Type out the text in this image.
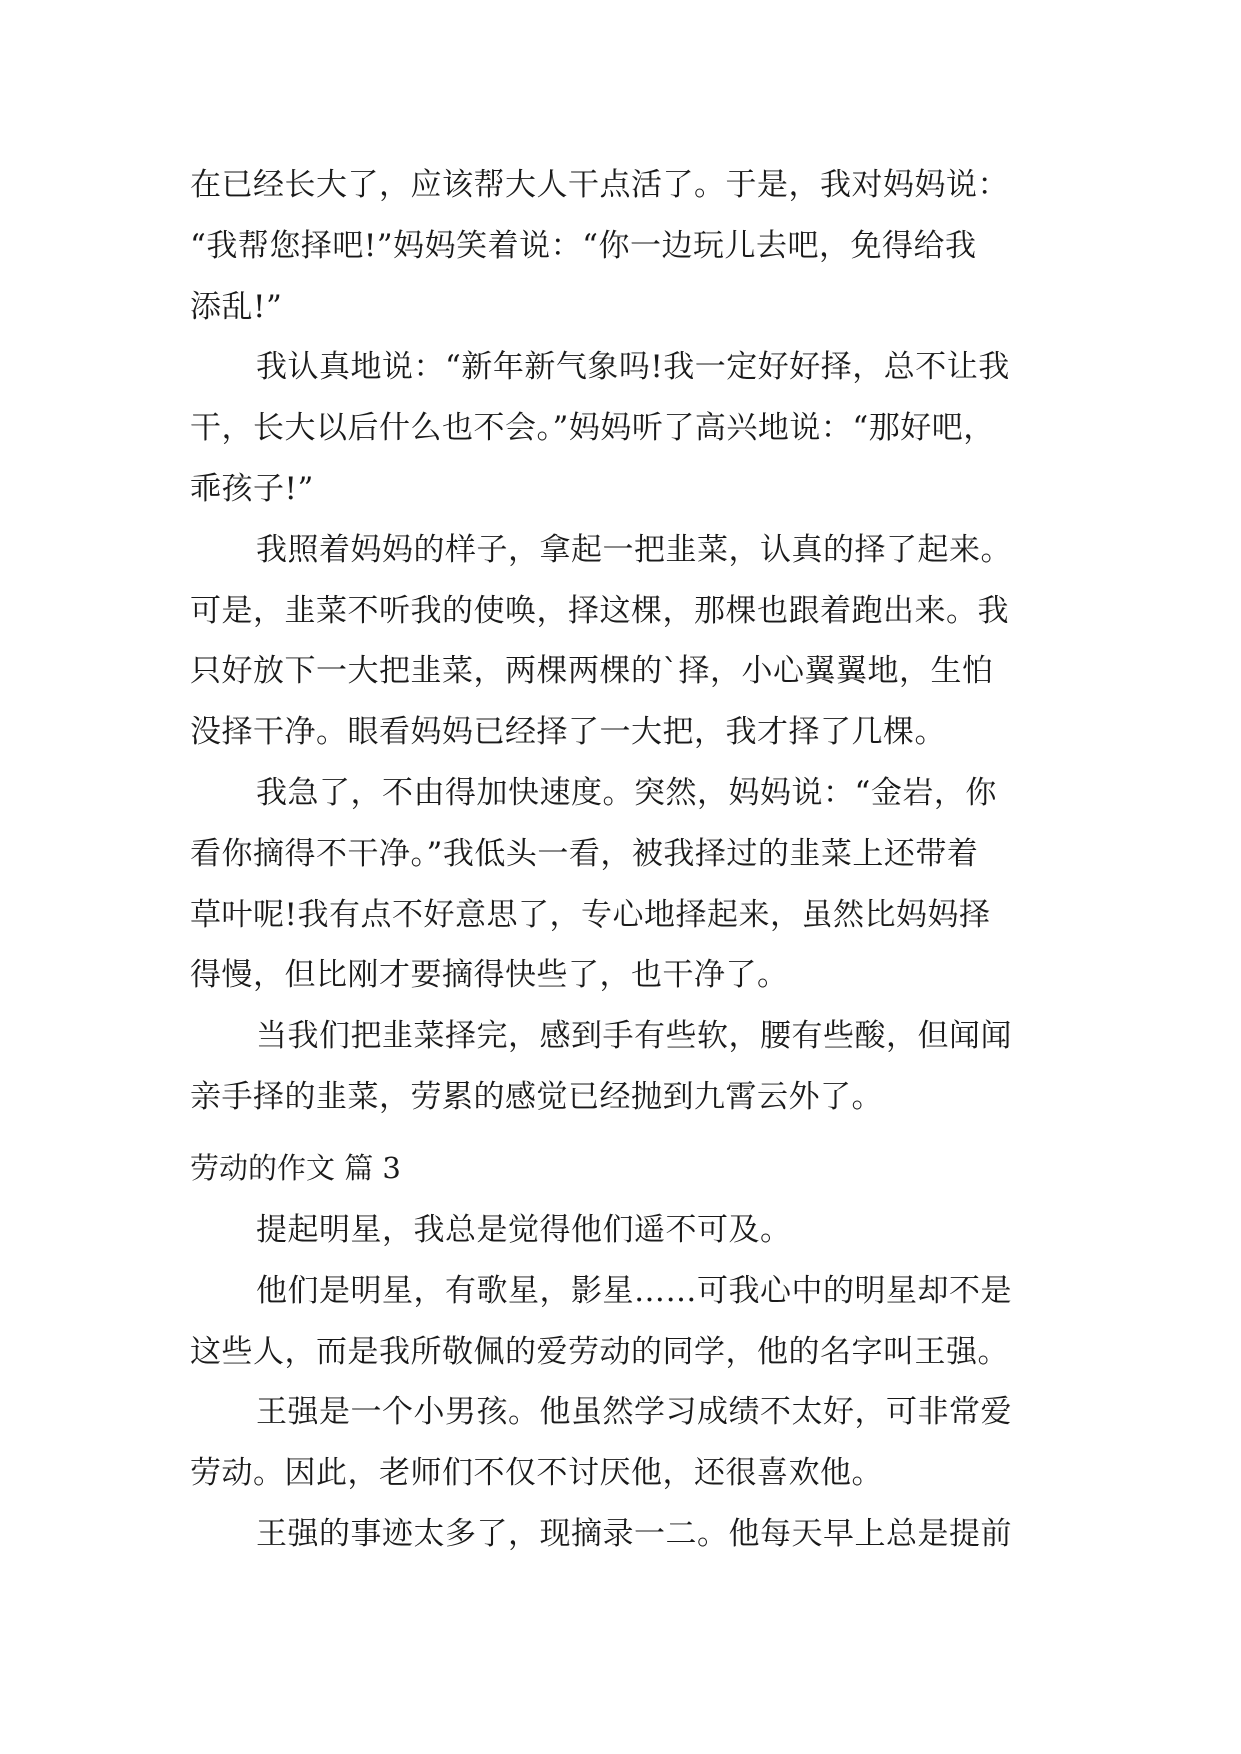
在已经长大了，应该帮大人干点活了。于是，我对妈妈说：
“我帮您择吧!”妈妈笑着说：“你一边玩儿去吧，免得给我
添乱!”
我认真地说：“新年新气象吗!我一定好好择，总不让我
干，长大以后什么也不会。”妈妈听了高兴地说：“那好吧，
乖孩子!”
我照着妈妈的样子，拿起一把韭菜，认真的择了起来。
可是，韭菜不听我的使唤，择这棵，那棵也跟着跑出来。我
只好放下一大把韭菜，两棵两棵的`择，小心翼翼地，生怕
没择干净。眼看妈妈已经择了一大把，我才择了几棵。
我急了，不由得加快速度。突然，妈妈说：“金岩，你
看你摘得不干净。”我低头一看，被我择过的韭菜上还带着
草叶呢!我有点不好意思了，专心地择起来，虽然比妈妈择
得慢，但比刚才要摘得快些了，也干净了。
当我们把韭菜择完，感到手有些软，腰有些酸，但闻闻
亲手择的韭菜，劳累的感觉已经抛到九霄云外了。
劳动的作文 篇 3
提起明星，我总是觉得他们遥不可及。
他们是明星，有歌星，影星……可我心中的明星却不是
这些人，而是我所敬佩的爱劳动的同学，他的名字叫王强。
王强是一个小男孩。他虽然学习成绩不太好，可非常爱
劳动。因此，老师们不仅不讨厌他，还很喜欢他。
王强的事迹太多了，现摘录一二。他每天早上总是提前
